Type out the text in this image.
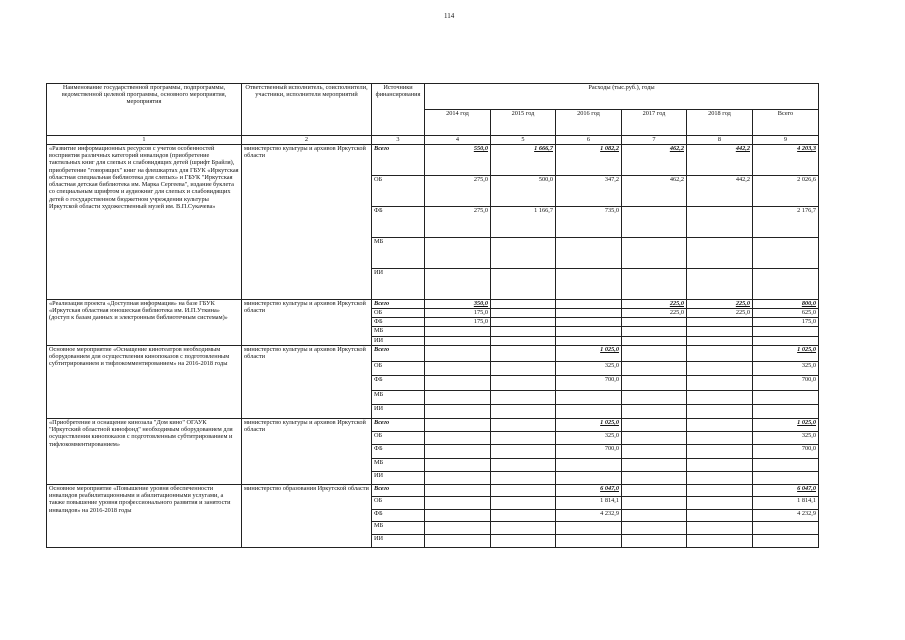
114
Наименование государственной программы, подпрограммы, ведомственной целевой программы, основного мероприятия, мероприятия	Ответственный исполнитель, соисполнители, участники, исполнители мероприятий	Источники финансирования	Расходы (тыс.руб.), годы					
			2014 год	2015 год	2016 год	2017 год	2018 год	Всего
1	2	3	4	5	6	7	8	9
«Развитие информационных ресурсов с учетом особенностей восприятия различных категорий инвалидов (приобретение тактильных книг для слепых и слабовидящих детей (шрифт Брайля), приобретение "говорящих" книг на флешкартах для ГБУК «Иркутская областная специальная библиотека для слепых» и ГБУК "Иркутская областная детская библиотека им. Марка Сергеева", издание буклета со специальным шрифтом и аудиокниг для слепых и слабовидящих детей о государственном бюджетном учреждении культуры Иркутской области художественный музей им. В.П.Сукачева»	министерство культуры и архивов Иркутской области	Всего	550,0	1 666,7	1 082,2	462,2	442,2	4 203,3
		ОБ	275,0	500,0	347,2	462,2	442,2	2 026,6
		ФБ	275,0	1 166,7	735,0			2 176,7
		МБ						
		ИИ						
«Реализация проекта «Доступная информация» на базе ГБУК «Иркутская областная юношеская библиотека им. И.П.Уткина» (доступ к базам данных и электронным библиотечным системам)»	министерство культуры и архивов Иркутской области	Всего	350,0			225,0	225,0	800,0
		ОБ	175,0			225,0	225,0	625,0
		ФБ	175,0					175,0
		МБ						
		ИИ						
Основное мероприятие «Оснащение кинотеатров необходимым оборудованием для осуществления кинопоказов с подготовленным субтитрированием и тифлокомментированием» на 2016-2018 годы	министерство культуры и архивов Иркутской области	Всего			1 025,0			1 025,0
		ОБ			325,0			325,0
		ФБ			700,0			700,0
		МБ						
		ИИ						
«Приобретение и оснащение кинозала "Дом кино" ОГАУК "Иркутский областной кинофонд" необходимым оборудованием для осуществления кинопоказов с подготовленным субтитрированием и тифлокомментированием»	министерство культуры и архивов Иркутской области	Всего			1 025,0			1 025,0
		ОБ			325,0			325,0
		ФБ			700,0			700,0
		МБ						
		ИИ						
Основное мероприятие «Повышение уровня обеспеченности инвалидов реабилитационными и абилитационными услугами, а также повышение уровня профессионального развития и занятости инвалидов» на 2016-2018 годы	министерство образования Иркутской области	Всего			6 047,0			6 047,0
		ОБ			1 814,1			1 814,1
		ФБ			4 232,9			4 232,9
		МБ						
		ИИ						
